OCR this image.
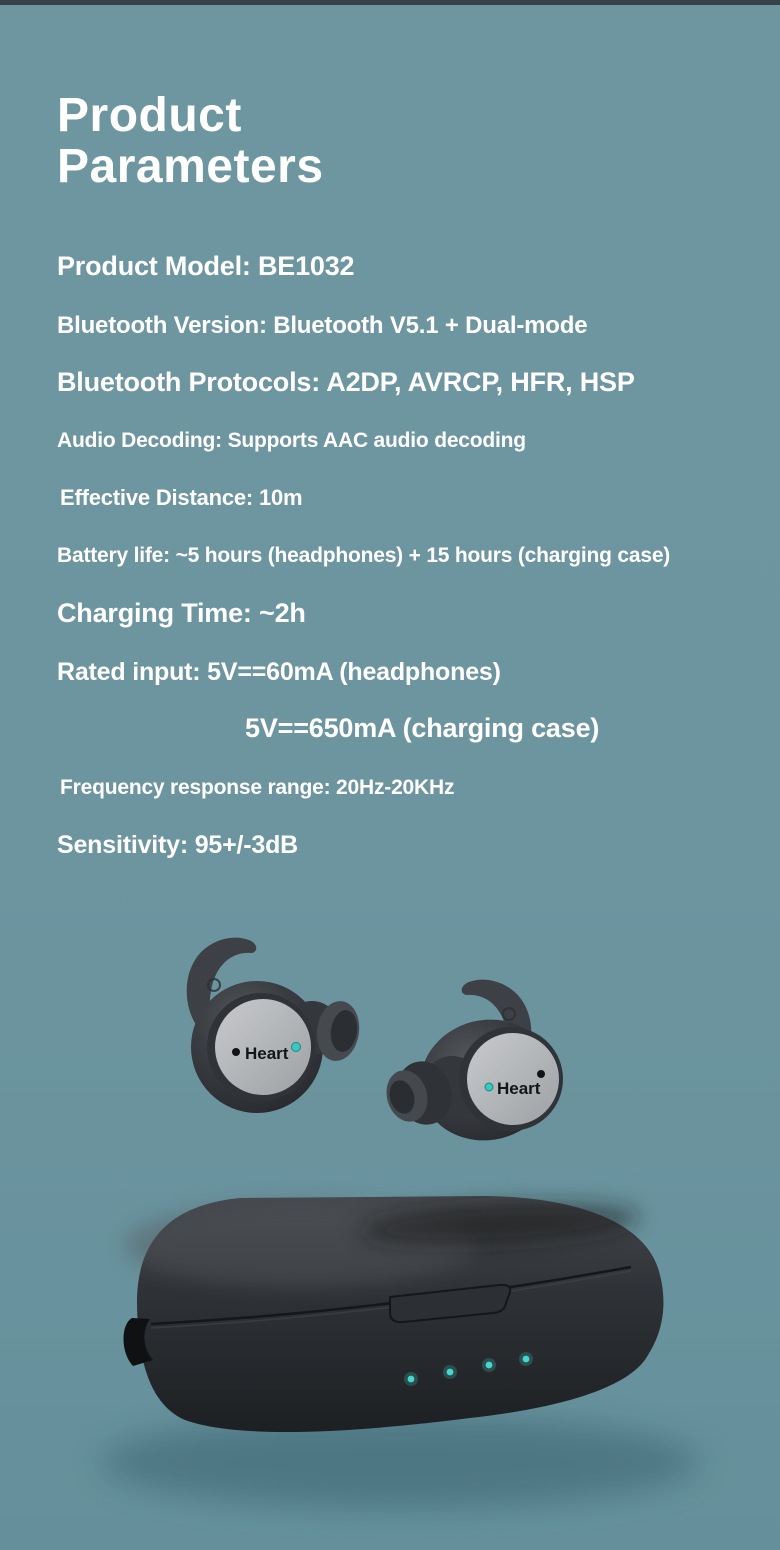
Product
Parameters
Product Model: BE1032
Bluetooth Version: Bluetooth V5.1 + Dual-mode
Bluetooth Protocols: A2DP, AVRCP, HFR, HSP
Audio Decoding: Supports AAC audio decoding
Effective Distance: 10m
Battery life: ~5 hours (headphones) + 15 hours (charging case)
Charging Time: ~2h
Rated input: 5V==60mA (headphones)
5V==650mA (charging case)
Frequency response range: 20Hz-20KHz
Sensitivity: 95+/-3dB
Heart
Heart
